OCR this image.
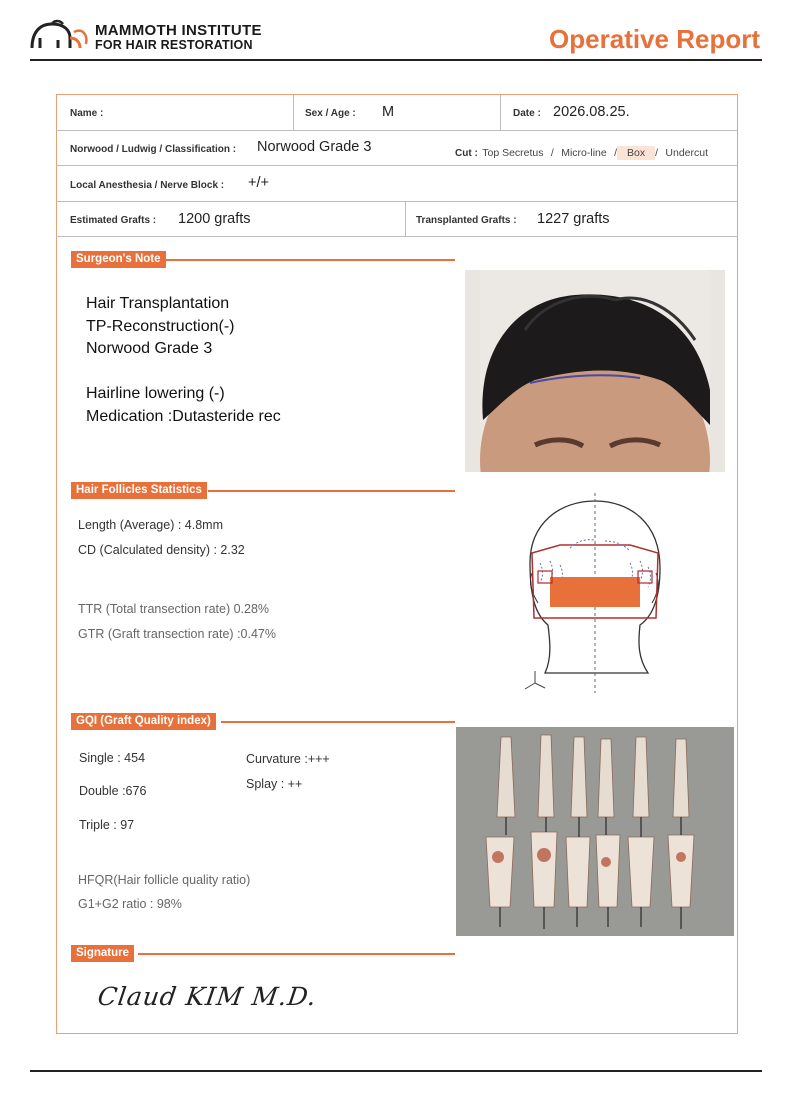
MAMMOTH INSTITUTE
FOR HAIR RESTORATION	Operative Report
Name :	Sex / Age : M	Date : 2026.08.25.
Norwood / Ludwig / Classification : Norwood Grade 3	Cut : Top Secretus  /  Micro-line  / Box /  Undercut
Local Anesthesia / Nerve Block : +/+
Estimated Grafts : 1200 grafts	Transplanted Grafts : 1227 grafts
Surgeon's Note
Hair Transplantation
TP-Reconstruction(-)
Norwood Grade 3
Hairline lowering (-)
Medication :Dutasteride rec
Hair Follicles Statistics
Length (Average) : 4.8mm
CD (Calculated density) : 2.32
TTR (Total transection rate) 0.28%
GTR (Graft transection rate) :0.47%
GQI (Graft Quality index)
Single : 454
Double :676
Triple : 97
Curvature :+++
Splay : ++
HFQR(Hair follicle quality ratio)
G1+G2 ratio : 98%
Signature
Claud KIM M.D.
